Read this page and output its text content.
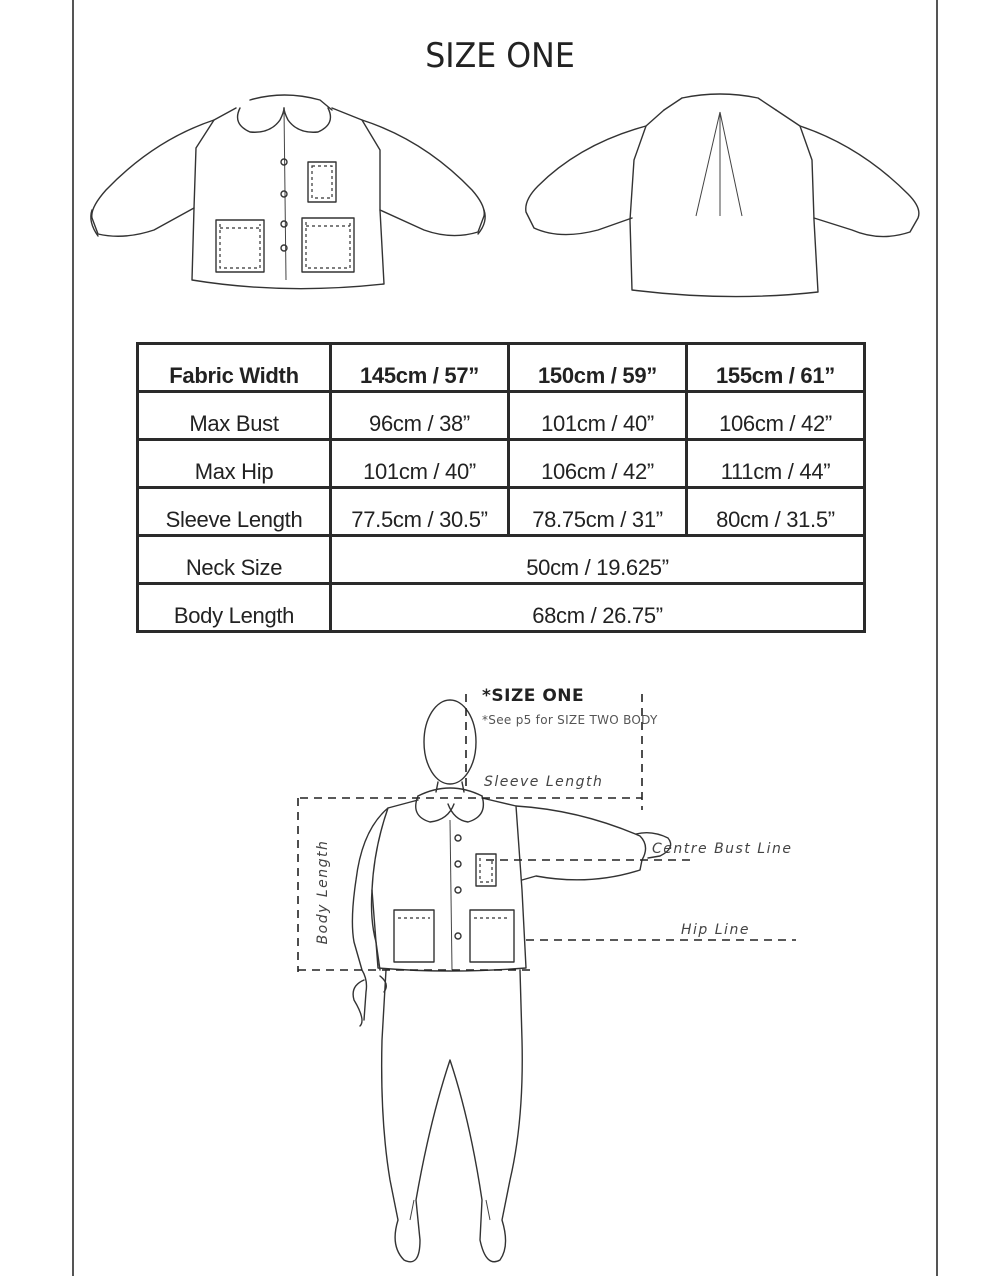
SIZE ONE
Fabric Width	145cm / 57”	150cm / 59”	155cm / 61”
Max Bust	96cm / 38”	101cm / 40”	106cm / 42”
Max Hip	101cm / 40”	106cm / 42”	111cm / 44”
Sleeve Length	77.5cm / 30.5”	78.75cm / 31”	80cm / 31.5”
Neck Size	50cm / 19.625”		
Body Length	68cm / 26.75”		
*SIZE ONE
*See p5 for SIZE TWO BODY
Sleeve Length
Centre Bust Line
Hip Line
Body Length
